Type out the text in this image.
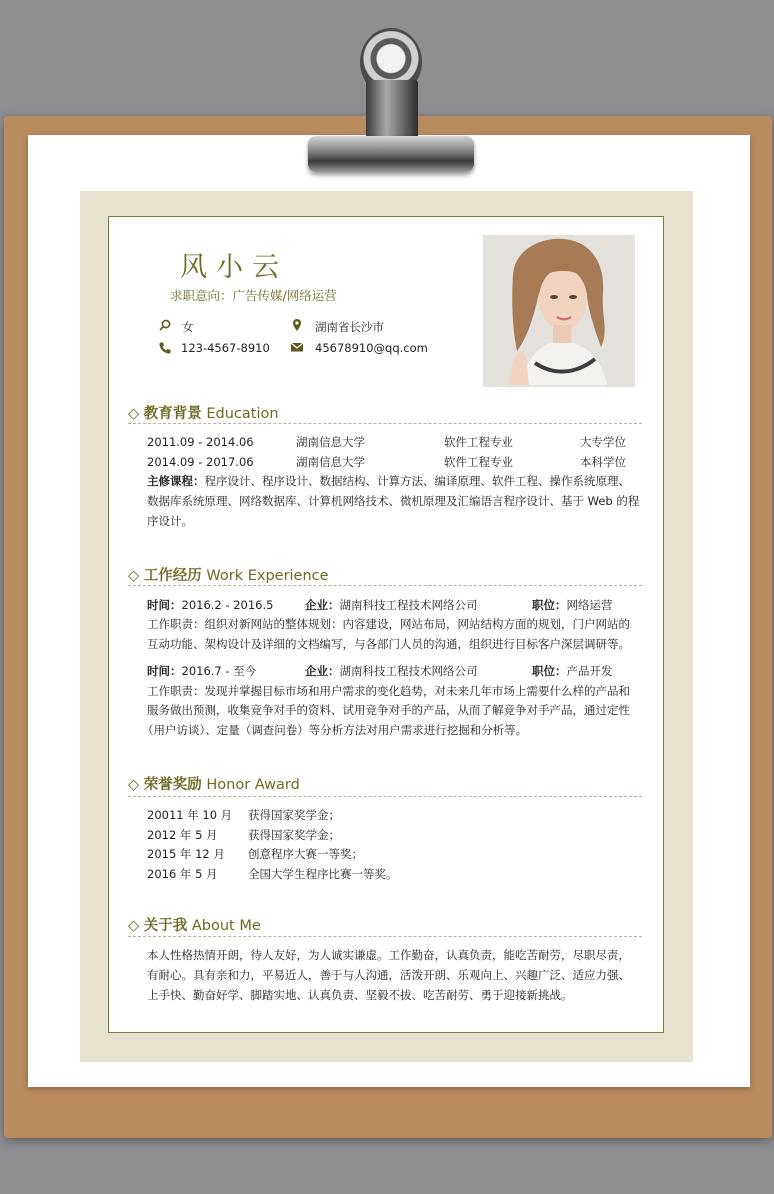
风小云
求职意向：广告传媒/网络运营
女	湖南省长沙市
123-4567-8910	45678910@qq.com
◇ 教育背景 Education
2011.09 - 2014.06	湖南信息大学	软件工程专业	大专学位
2014.09 - 2017.06	湖南信息大学	软件工程专业	本科学位
主修课程：程序设计、程序设计、数据结构、计算方法、编译原理、软件工程、操作系统原理、
数据库系统原理、网络数据库、计算机网络技术、微机原理及汇编语言程序设计、基于 Web 的程
序设计。
◇ 工作经历 Work Experience
时间：2016.2 - 2016.5	企业：湖南科技工程技术网络公司	职位：网络运营
工作职责：组织对新网站的整体规划：内容建设，网站布局，网站结构方面的规划，门户网站的
互动功能、架构设计及详细的文档编写，与各部门人员的沟通，组织进行目标客户深层调研等。
时间：2016.7 - 至今	企业：湖南科技工程技术网络公司	职位：产品开发
工作职责：发现并掌握目标市场和用户需求的变化趋势，对未来几年市场上需要什么样的产品和
服务做出预测，收集竞争对手的资料、试用竞争对手的产品，从而了解竞争对手产品，通过定性
（用户访谈）、定量（调查问卷）等分析方法对用户需求进行挖掘和分析等。
◇ 荣誉奖励 Honor Award
20011 年 10 月 获得国家奖学金；
2012 年 5 月	获得国家奖学金；
2015 年 12 月 创意程序大赛一等奖；
2016 年 5 月	全国大学生程序比赛一等奖。
◇ 关于我 About Me
本人性格热情开朗，待人友好，为人诚实谦虚。工作勤奋，认真负责，能吃苦耐劳，尽职尽责，
有耐心。具有亲和力，平易近人，善于与人沟通，活泼开朗、乐观向上、兴趣广泛、适应力强、
上手快、勤奋好学、脚踏实地、认真负责、坚毅不拔、吃苦耐劳、勇于迎接新挑战。
